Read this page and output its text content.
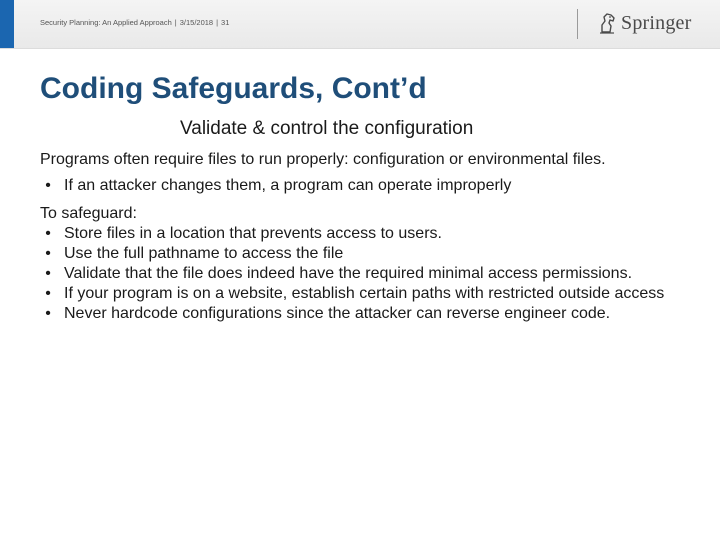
Security Planning: An Applied Approach | 3/15/2018 | 31	Springer
Coding Safeguards, Cont’d
Validate & control the configuration

Programs often require files to run properly: configuration or environmental files.

• If an attacker changes them, a program can operate improperly

To safeguard:

• Store files in a location that prevents access to users.
• Use the full pathname to access the file
• Validate that the file does indeed have the required minimal access permissions.
• If your program is on a website, establish certain paths with restricted outside access
• Never hardcode configurations since the attacker can reverse engineer code.
